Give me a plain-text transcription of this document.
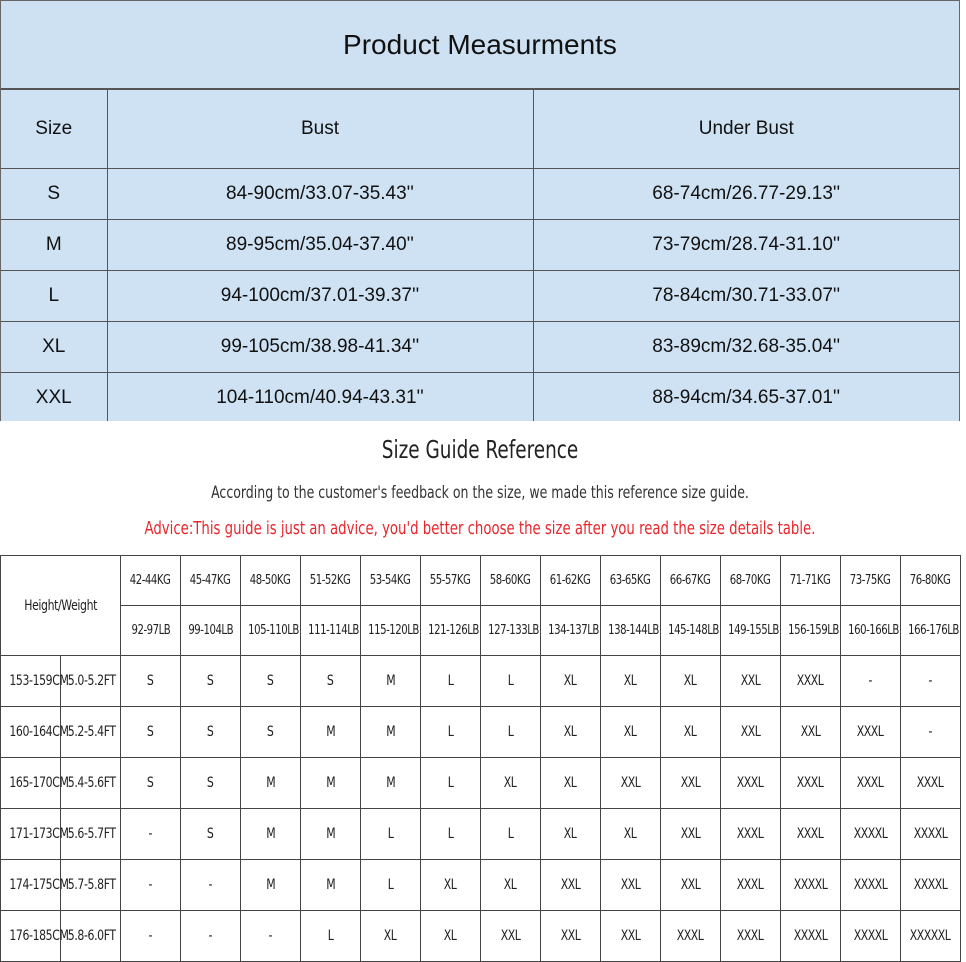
Product Measurments
Size	Bust	Under Bust
S	84-90cm/33.07-35.43''	68-74cm/26.77-29.13''
M	89-95cm/35.04-37.40''	73-79cm/28.74-31.10''
L	94-100cm/37.01-39.37''	78-84cm/30.71-33.07''
XL	99-105cm/38.98-41.34''	83-89cm/32.68-35.04''
XXL	104-110cm/40.94-43.31''	88-94cm/34.65-37.01''
Size Guide Reference
According to the customer's feedback on the size, we made this reference size guide.
Advice:This guide is just an advice, you'd better choose the size after you read the size details table.
Height/Weight		42-44KG	45-47KG	48-50KG	51-52KG	53-54KG	55-57KG	58-60KG	61-62KG	63-65KG	66-67KG	68-70KG	71-71KG	73-75KG	76-80KG
		92-97LB	99-104LB	105-110LB	111-114LB	115-120LB	121-126LB	127-133LB	134-137LB	138-144LB	145-148LB	149-155LB	156-159LB	160-166LB	166-176LB
153-159CM	5.0-5.2FT	S	S	S	S	M	L	L	XL	XL	XL	XXL	XXXL	-	-
160-164CM	5.2-5.4FT	S	S	S	M	M	L	L	XL	XL	XL	XXL	XXL	XXXL	-
165-170CM	5.4-5.6FT	S	S	M	M	M	L	XL	XL	XXL	XXL	XXXL	XXXL	XXXL	XXXL
171-173CM	5.6-5.7FT	-	S	M	M	L	L	L	XL	XL	XXL	XXXL	XXXL	XXXXL	XXXXL
174-175CM	5.7-5.8FT	-	-	M	M	L	XL	XL	XXL	XXL	XXL	XXXL	XXXXL	XXXXL	XXXXL
176-185CM	5.8-6.0FT	-	-	-	L	XL	XL	XXL	XXL	XXL	XXXL	XXXL	XXXXL	XXXXL	XXXXXL
